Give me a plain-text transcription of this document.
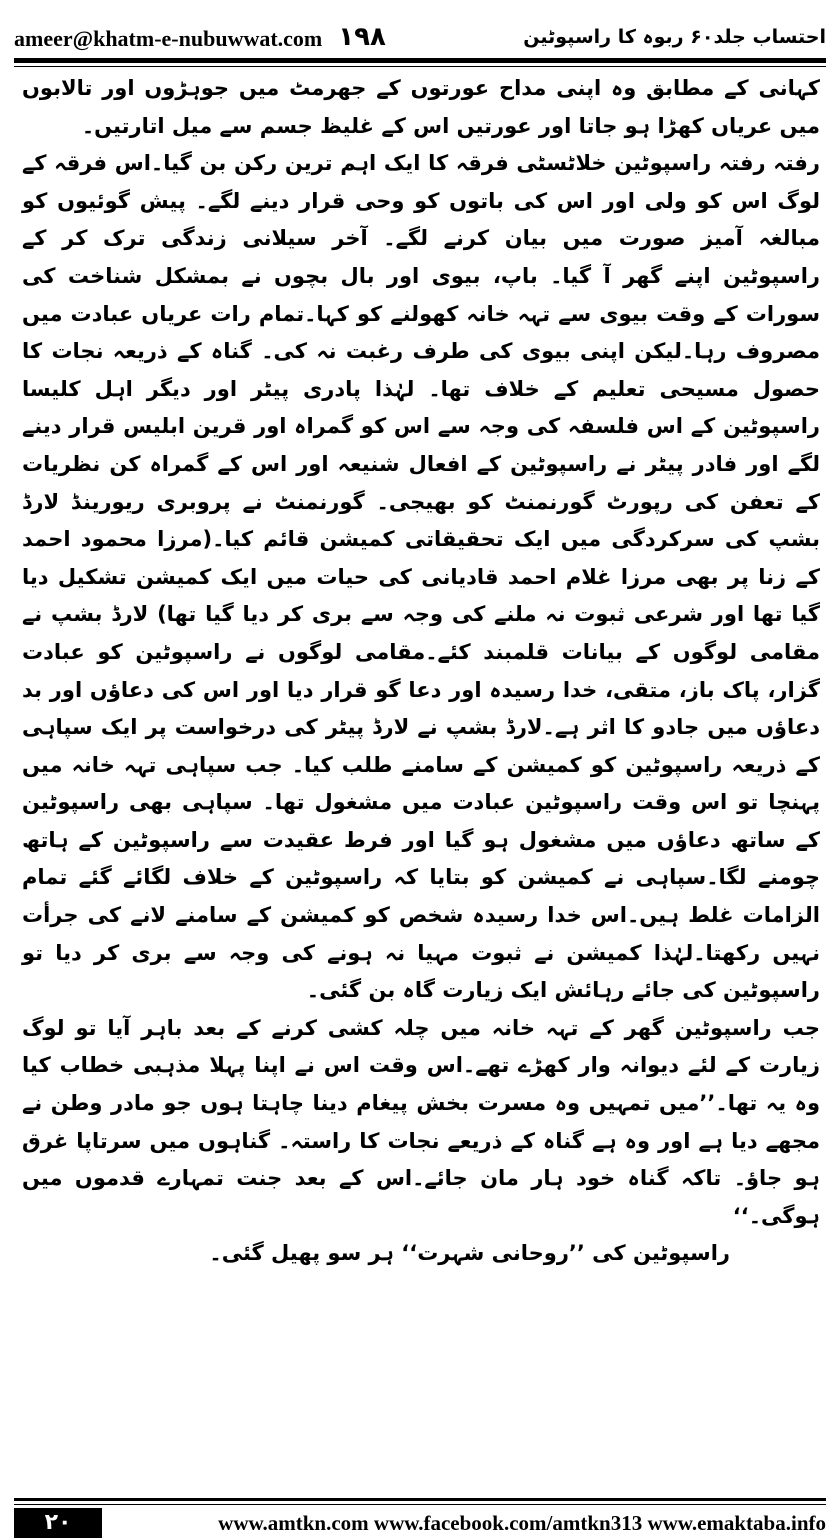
ameer@khatm-e-nubuwwat.com ۱۹۸	احتساب جلد۶۰ ربوہ کا راسپوٹین

کہانی کے مطابق وہ اپنی مداح عورتوں کے جھرمٹ میں جوہڑوں اور تالابوں میں عریاں کھڑا ہو جاتا اور عورتیں اس کے غلیظ جسم سے میل اتارتیں۔

رفتہ رفتہ راسپوٹین خلاٹسٹی فرقہ کا ایک اہم ترین رکن بن گیا۔اس فرقہ کے لوگ اس کو ولی اور اس کی باتوں کو وحی قرار دینے لگے۔ پیش گوئیوں کو مبالغہ آمیز صورت میں بیان کرنے لگے۔ آخر سیلانی زندگی ترک کر کے راسپوٹین اپنے گھر آ گیا۔ باپ، بیوی اور بال بچوں نے بمشکل شناخت کی سورات کے وقت بیوی سے تہہ خانہ کھولنے کو کہا۔تمام رات عریاں عبادت میں مصروف رہا۔لیکن اپنی بیوی کی طرف رغبت نہ کی۔ گناہ کے ذریعہ نجات کا حصول مسیحی تعلیم کے خلاف تھا۔ لہٰذا پادری پیٹر اور دیگر اہل کلیسا راسپوٹین کے اس فلسفہ کی وجہ سے اس کو گمراہ اور قرین ابلیس قرار دینے لگے اور فادر پیٹر نے راسپوٹین کے افعال شنیعہ اور اس کے گمراہ کن نظریات کے تعفن کی رپورٹ گورنمنٹ کو بھیجی۔ گورنمنٹ نے پروبری ریورینڈ لارڈ بشپ کی سرکردگی میں ایک تحقیقاتی کمیشن قائم کیا۔(مرزا محمود احمد کے زنا پر بھی مرزا غلام احمد قادیانی کی حیات میں ایک کمیشن تشکیل دیا گیا تھا اور شرعی ثبوت نہ ملنے کی وجہ سے بری کر دیا گیا تھا) لارڈ بشپ نے مقامی لوگوں کے بیانات قلمبند کئے۔مقامی لوگوں نے راسپوٹین کو عبادت گزار، پاک باز، متقی، خدا رسیدہ اور دعا گو قرار دیا اور اس کی دعاؤں اور بد دعاؤں میں جادو کا اثر ہے۔لارڈ بشپ نے لارڈ پیٹر کی درخواست پر ایک سپاہی کے ذریعہ راسپوٹین کو کمیشن کے سامنے طلب کیا۔ جب سپاہی تہہ خانہ میں پہنچا تو اس وقت راسپوٹین عبادت میں مشغول تھا۔ سپاہی بھی راسپوٹین کے ساتھ دعاؤں میں مشغول ہو گیا اور فرط عقیدت سے راسپوٹین کے ہاتھ چومنے لگا۔سپاہی نے کمیشن کو بتایا کہ راسپوٹین کے خلاف لگائے گئے تمام الزامات غلط ہیں۔اس خدا رسیدہ شخص کو کمیشن کے سامنے لانے کی جرأت نہیں رکھتا۔لہٰذا کمیشن نے ثبوت مہیا نہ ہونے کی وجہ سے بری کر دیا تو راسپوٹین کی جائے رہائش ایک زیارت گاہ بن گئی۔

جب راسپوٹین گھر کے تہہ خانہ میں چلہ کشی کرنے کے بعد باہر آیا تو لوگ زیارت کے لئے دیوانہ وار کھڑے تھے۔اس وقت اس نے اپنا پہلا مذہبی خطاب کیا وہ یہ تھا۔’’میں تمہیں وہ مسرت بخش پیغام دینا چاہتا ہوں جو مادر وطن نے مجھے دیا ہے اور وہ ہے گناہ کے ذریعے نجات کا راستہ۔ گناہوں میں سرتاپا غرق ہو جاؤ۔ تاکہ گناہ خود ہار مان جائے۔اس کے بعد جنت تمہارے قدموں میں ہوگی۔‘‘

راسپوٹین کی ’’روحانی شہرت‘‘ ہر سو پھیل گئی۔

۲۰	www.amtkn.com www.facebook.com/amtkn313 www.emaktaba.info
